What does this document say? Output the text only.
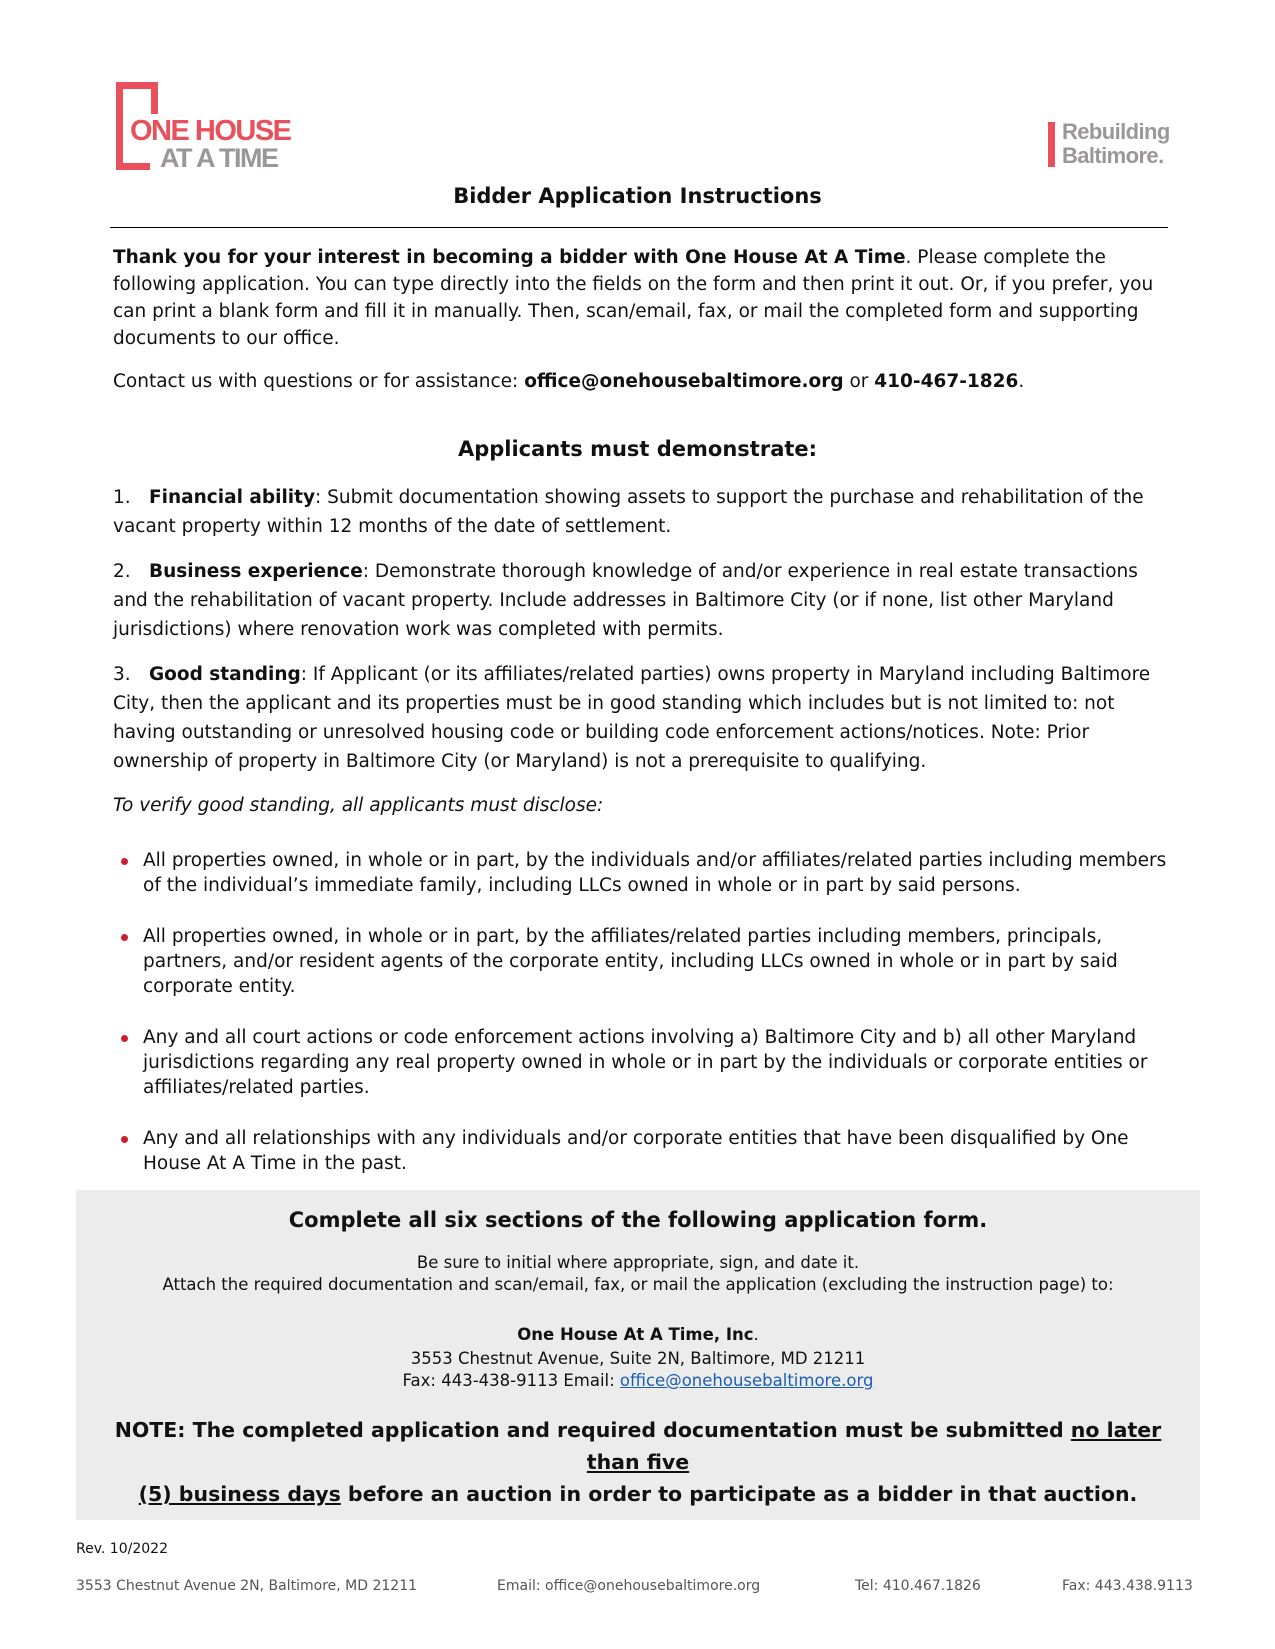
ONE HOUSE
AT A TIME
Rebuilding
Baltimore.
Bidder Application Instructions

Thank you for your interest in becoming a bidder with One House At A Time. Please complete the following application. You can type directly into the fields on the form and then print it out. Or, if you prefer, you can print a blank form and fill it in manually. Then, scan/email, fax, or mail the completed form and supporting documents to our office.

Contact us with questions or for assistance: office@onehousebaltimore.org or 410-467-1826.

Applicants must demonstrate:

1. Financial ability: Submit documentation showing assets to support the purchase and rehabilitation of the vacant property within 12 months of the date of settlement.

2. Business experience: Demonstrate thorough knowledge of and/or experience in real estate transactions and the rehabilitation of vacant property. Include addresses in Baltimore City (or if none, list other Maryland jurisdictions) where renovation work was completed with permits.

3. Good standing: If Applicant (or its affiliates/related parties) owns property in Maryland including Baltimore City, then the applicant and its properties must be in good standing which includes but is not limited to: not having outstanding or unresolved housing code or building code enforcement actions/notices. Note: Prior ownership of property in Baltimore City (or Maryland) is not a prerequisite to qualifying.

To verify good standing, all applicants must disclose:
All properties owned, in whole or in part, by the individuals and/or affiliates/related parties including members of the individual’s immediate family, including LLCs owned in whole or in part by said persons.
All properties owned, in whole or in part, by the affiliates/related parties including members, principals, partners, and/or resident agents of the corporate entity, including LLCs owned in whole or in part by said corporate entity.
Any and all court actions or code enforcement actions involving a) Baltimore City and b) all other Maryland jurisdictions regarding any real property owned in whole or in part by the individuals or corporate entities or affiliates/related parties.
Any and all relationships with any individuals and/or corporate entities that have been disqualified by One House At A Time in the past.
Complete all six sections of the following application form.
Be sure to initial where appropriate, sign, and date it.
Attach the required documentation and scan/email, fax, or mail the application (excluding the instruction page) to:
One House At A Time, Inc.
3553 Chestnut Avenue, Suite 2N, Baltimore, MD 21211
Fax: 443-438-9113 Email: office@onehousebaltimore.org
NOTE: The completed application and required documentation must be submitted no later than five
(5) business days before an auction in order to participate as a bidder in that auction.
Rev. 10/2022
3553 Chestnut Avenue 2N, Baltimore, MD 21211	Email: office@onehousebaltimore.org	Tel: 410.467.1826	Fax: 443.438.9113
